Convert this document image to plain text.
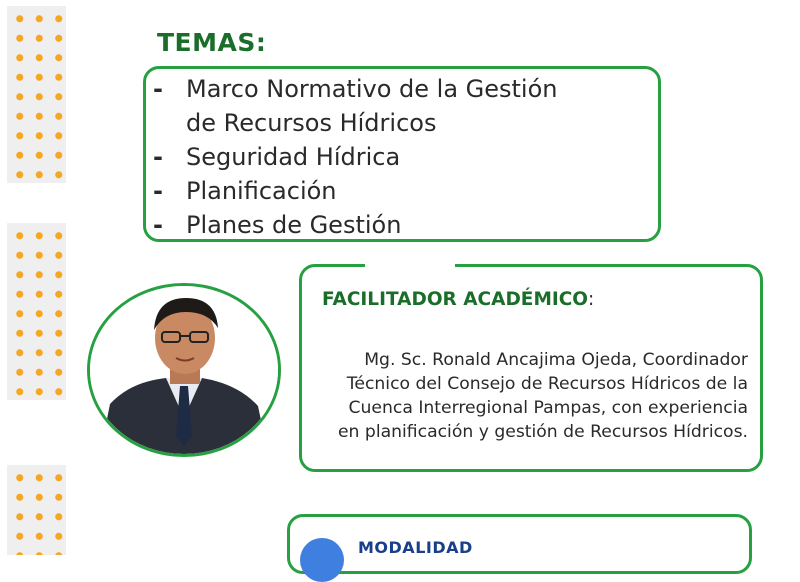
TEMAS:
- Marco Normativo de la Gestión
de Recursos Hídricos
- Seguridad Hídrica
- Planificación
- Planes de Gestión
FACILITADOR ACADÉMICO:
Mg. Sc. Ronald Ancajima Ojeda, Coordinador
Técnico del Consejo de Recursos Hídricos de la
Cuenca Interregional Pampas, con experiencia
en planificación y gestión de Recursos Hídricos.
MODALIDAD
